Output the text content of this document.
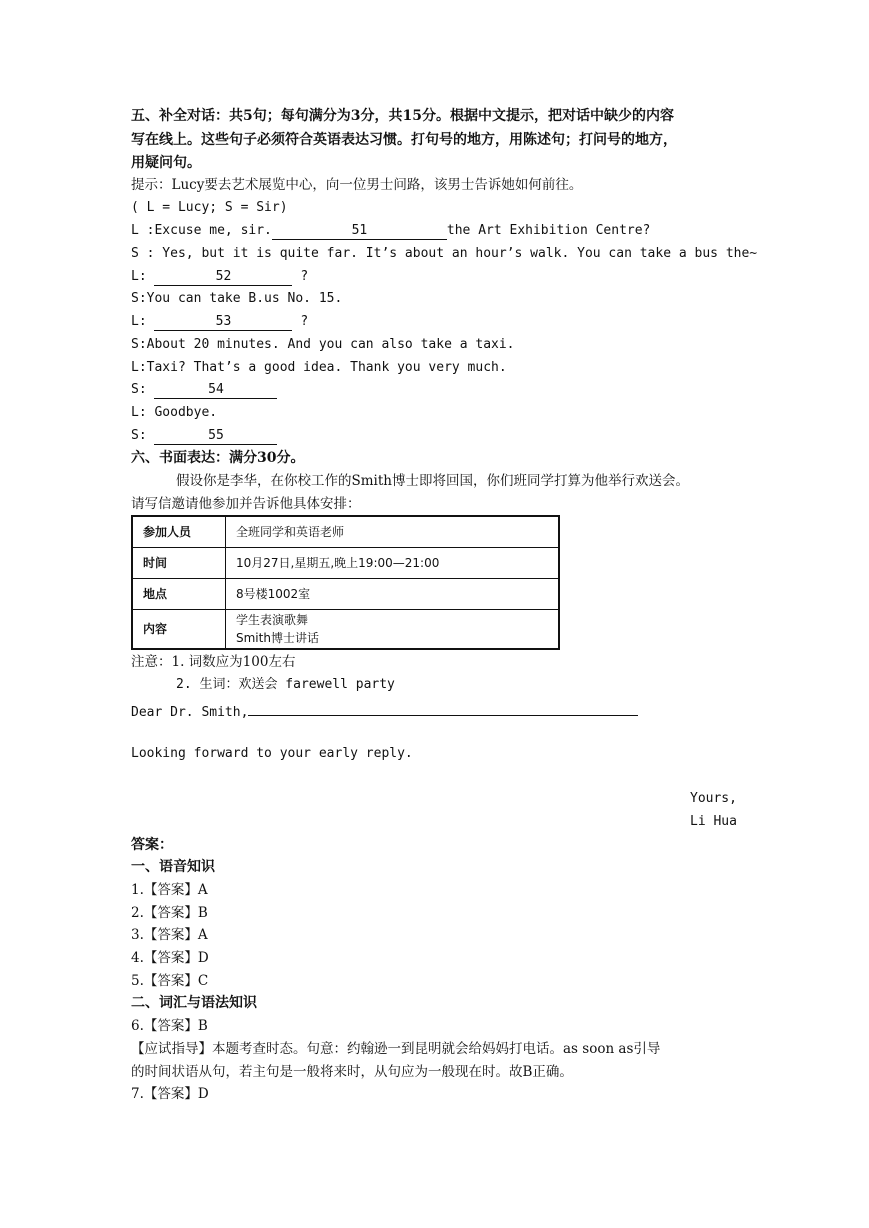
五、补全对话：共5句；每句满分为3分，共15分。根据中文提示，把对话中缺少的内容
写在线上。这些句子必须符合英语表达习惯。打句号的地方，用陈述句；打问号的地方，
用疑问句。
提示：Lucy要去艺术展览中心，向一位男士问路，该男士告诉她如何前往。
( L = Lucy; S = Sir)
L :Excuse me, sir.	51	the Art Exhibition Centre?
S : Yes, but it is quite far. It’s about an hour’s walk. You can take a bus the~
L:	52	?
S:You can take B.us No. 15.
L:	53	?
S:About 20 minutes. And you can also take a taxi.
L:Taxi? That’s a good idea. Thank you very much.
S:	54
L: Goodbye.
S:	55
六、书面表达：满分30分。
假设你是李华，在你校工作的Smith博士即将回国，你们班同学打算为他举行欢送会。
请写信邀请他参加并告诉他具体安排：
参加人员	全班同学和英语老师
时间	10月27日,星期五,晚上19:00—21:00
地点	8号楼1002室
内容	学生表演歌舞
Smith博士讲话
注意：1. 词数应为100左右
2. 生词：欢送会 farewell party
Dear Dr. Smith,
Looking forward to your early reply.
Yours,
Li Hua
答案：
一、语音知识
1.【答案】A
2.【答案】B
3.【答案】A
4.【答案】D
5.【答案】C
二、词汇与语法知识
6.【答案】B
【应试指导】本题考查时态。句意：约翰逊一到昆明就会给妈妈打电话。as soon as引导
的时间状语从句，若主句是一般将来时，从句应为一般现在时。故B正确。
7.【答案】D
